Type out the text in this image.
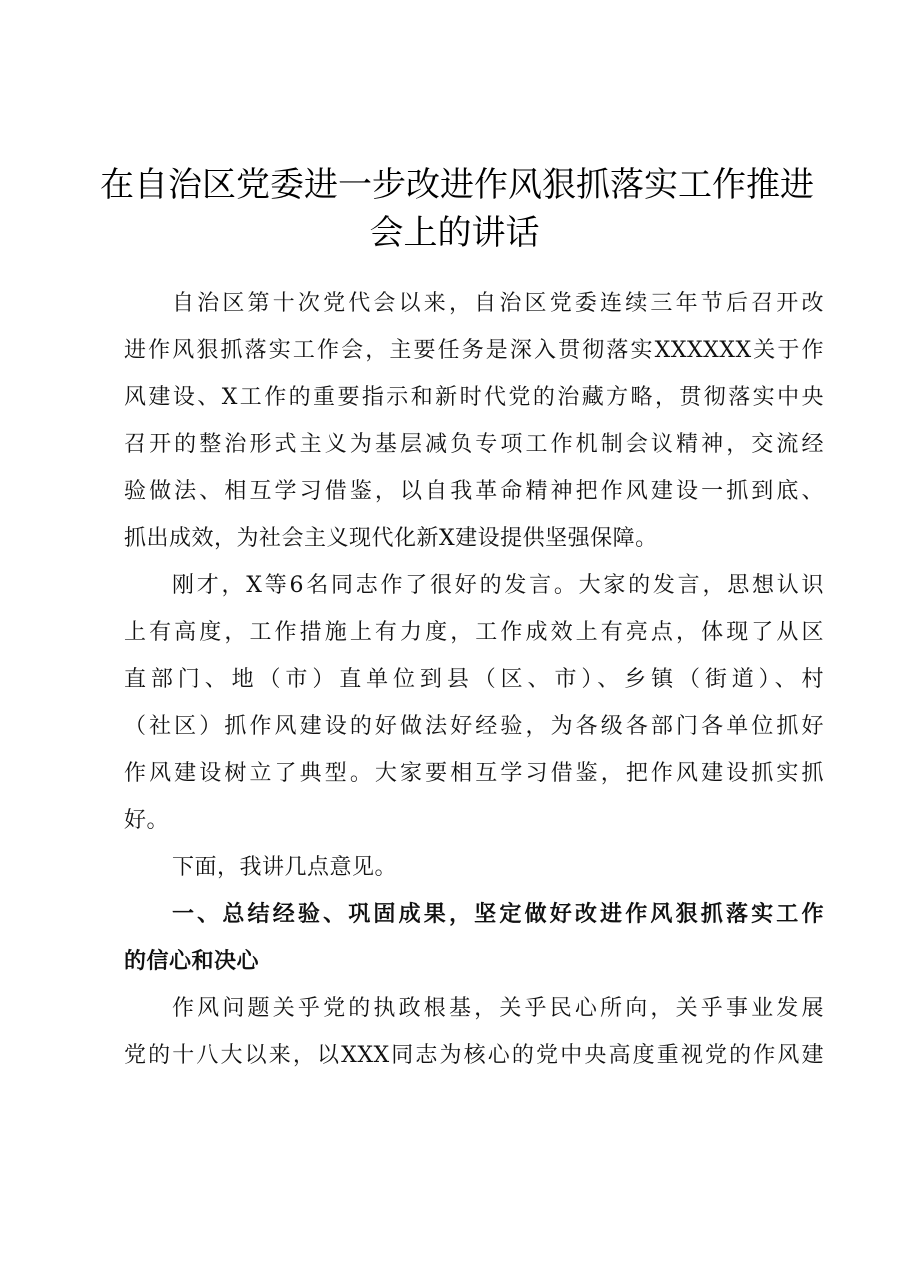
在自治区党委进一步改进作风狠抓落实工作推进
会上的讲话
自治区第十次党代会以来，自治区党委连续三年节后召开改
进作风狠抓落实工作会，主要任务是深入贯彻落实XXXXXX关于作
风建设、X工作的重要指示和新时代党的治藏方略，贯彻落实中央
召开的整治形式主义为基层减负专项工作机制会议精神，交流经
验做法、相互学习借鉴，以自我革命精神把作风建设一抓到底、
抓出成效，为社会主义现代化新X建设提供坚强保障。
刚才，X等6名同志作了很好的发言。大家的发言，思想认识
上有高度，工作措施上有力度，工作成效上有亮点，体现了从区
直部门、地（市）直单位到县（区、市）、乡镇（街道）、村
（社区）抓作风建设的好做法好经验，为各级各部门各单位抓好
作风建设树立了典型。大家要相互学习借鉴，把作风建设抓实抓
好。
下面，我讲几点意见。
一、总结经验、巩固成果，坚定做好改进作风狠抓落实工作
的信心和决心
作风问题关乎党的执政根基，关乎民心所向，关乎事业发展
党的十八大以来，以XXX同志为核心的党中央高度重视党的作风建
